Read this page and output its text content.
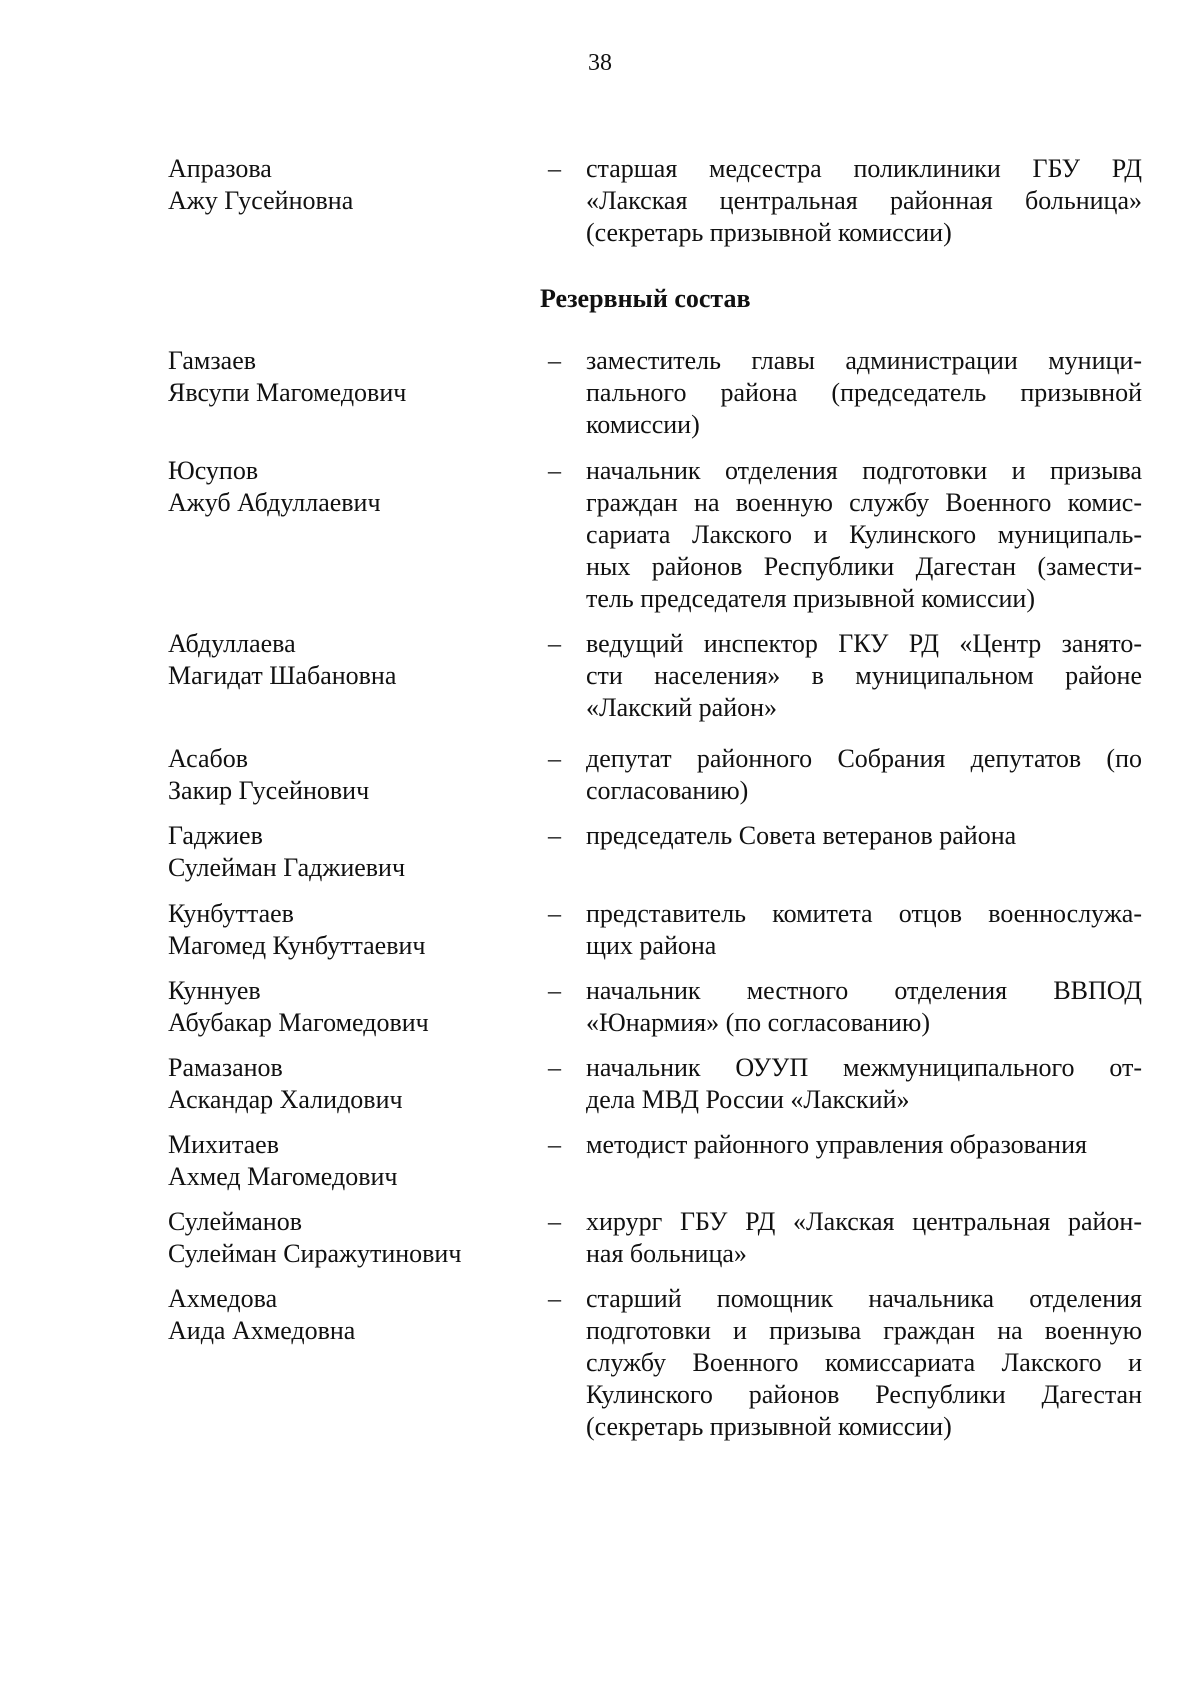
38
Апразова
Ажу Гусейновна
– старшая медсестра поликлиники ГБУ РД
«Лакская центральная районная больница»
(секретарь призывной комиссии)
Резервный состав
Гамзаев
Явсупи Магомедович
– заместитель главы администрации муници-
пального района (председатель призывной
комиссии)
Юсупов
Ажуб Абдуллаевич
– начальник отделения подготовки и призыва
граждан на военную службу Военного комис-
сариата Лакского и Кулинского муниципаль-
ных районов Республики Дагестан (замести-
тель председателя призывной комиссии)
Абдуллаева
Магидат Шабановна
– ведущий инспектор ГКУ РД «Центр занято-
сти населения» в муниципальном районе
«Лакский район»
Асабов
Закир Гусейнович
– депутат районного Собрания депутатов (по
согласованию)
Гаджиев
Сулейман Гаджиевич
– председатель Совета ветеранов района
Кунбуттаев
Магомед Кунбуттаевич
– представитель комитета отцов военнослужа-
щих района
Куннуев
Абубакар Магомедович
– начальник местного отделения ВВПОД
«Юнармия» (по согласованию)
Рамазанов
Аскандар Халидович
– начальник ОУУП межмуниципального от-
дела МВД России «Лакский»
Михитаев
Ахмед Магомедович
– методист районного управления образования
Сулейманов
Сулейман Сиражутинович
– хирург ГБУ РД «Лакская центральная район-
ная больница»
Ахмедова
Аида Ахмедовна
– старший помощник начальника отделения
подготовки и призыва граждан на военную
службу Военного комиссариата Лакского и
Кулинского районов Республики Дагестан
(секретарь призывной комиссии)
